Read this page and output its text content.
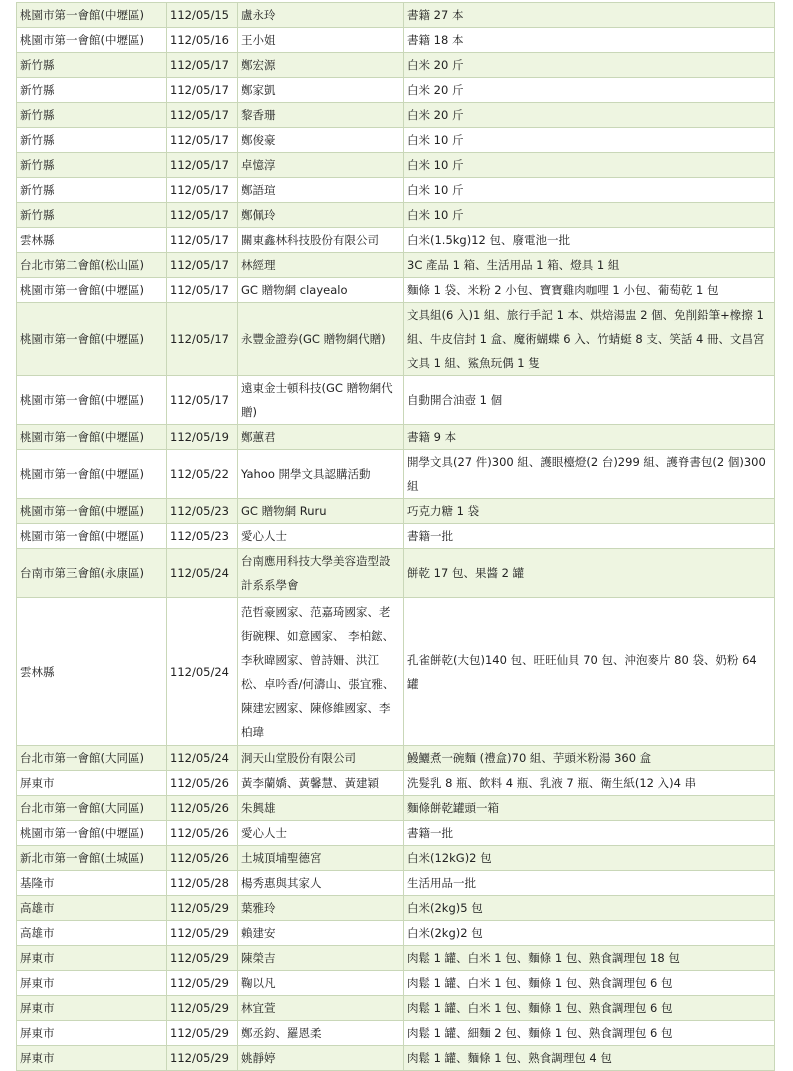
桃園市第一會館(中壢區)	112/05/15	盧永玲	書籍 27 本
桃園市第一會館(中壢區)	112/05/16	王小姐	書籍 18 本
新竹縣	112/05/17	鄭宏源	白米 20 斤
新竹縣	112/05/17	鄭家凱	白米 20 斤
新竹縣	112/05/17	黎香珊	白米 20 斤
新竹縣	112/05/17	鄭俊豪	白米 10 斤
新竹縣	112/05/17	卓憶淳	白米 10 斤
新竹縣	112/05/17	鄭語瑄	白米 10 斤
新竹縣	112/05/17	鄭佩玲	白米 10 斤
雲林縣	112/05/17	關東鑫林科技股份有限公司	白米(1.5kg)12 包、廢電池一批
台北市第二會館(松山區)	112/05/17	林經理	3C 產品 1 箱、生活用品 1 箱、燈具 1 組
桃園市第一會館(中壢區)	112/05/17	GC 贈物網 clayealo	麵條 1 袋、米粉 2 小包、寶寶雞肉咖哩 1 小包、葡萄乾 1 包
桃園市第一會館(中壢區)	112/05/17	永豐金證券(GC 贈物網代贈)	文具組(6 入)1 組、旅行手記 1 本、烘焙湯盅 2 個、免削鉛筆+橡擦 1 組、牛皮信封 1 盒、魔術蝴蝶 6 入、竹蜻蜓 8 支、笑話 4 冊、文昌宮文具 1 組、鯊魚玩偶 1 隻
桃園市第一會館(中壢區)	112/05/17	遠東金士頓科技(GC 贈物網代贈)	自動開合油壺 1 個
桃園市第一會館(中壢區)	112/05/19	鄭蕙君	書籍 9 本
桃園市第一會館(中壢區)	112/05/22	Yahoo 開學文具認購活動	開學文具(27 件)300 組、護眼檯燈(2 台)299 組、護脊書包(2 個)300 組
桃園市第一會館(中壢區)	112/05/23	GC 贈物網 Ruru	巧克力糖 1 袋
桃園市第一會館(中壢區)	112/05/23	愛心人士	書籍一批
台南市第三會館(永康區)	112/05/24	台南應用科技大學美容造型設計系系學會	餅乾 17 包、果醬 2 罐
雲林縣	112/05/24	范哲豪國家、范嘉琦國家、老街碗粿、如意國家、 李柏鋐、李秋暐國家、曾詩姍、洪江松、卓吟香/何濤山、張宜雅、陳建宏國家、陳修維國家、李柏瑋	孔雀餅乾(大包)140 包、旺旺仙貝 70 包、沖泡麥片 80 袋、奶粉 64 罐
台北市第一會館(大同區)	112/05/24	洞天山堂股份有限公司	鰻鱺煮一碗麵 (禮盒)70 組、芋頭米粉湯 360 盒
屏東市	112/05/26	黃李蘭嬌、黃馨慧、黃建穎	洗髮乳 8 瓶、飲料 4 瓶、乳液 7 瓶、衛生紙(12 入)4 串
台北市第一會館(大同區)	112/05/26	朱興雄	麵條餅乾罐頭一箱
桃園市第一會館(中壢區)	112/05/26	愛心人士	書籍一批
新北市第一會館(土城區)	112/05/26	土城頂埔聖德宮	白米(12kG)2 包
基隆市	112/05/28	楊秀惠與其家人	生活用品一批
高雄市	112/05/29	葉雅玲	白米(2kg)5 包
高雄市	112/05/29	賴建安	白米(2kg)2 包
屏東市	112/05/29	陳榮吉	肉鬆 1 罐、白米 1 包、麵條 1 包、熟食調理包 18 包
屏東市	112/05/29	鞠以凡	肉鬆 1 罐、白米 1 包、麵條 1 包、熟食調理包 6 包
屏東市	112/05/29	林宜萱	肉鬆 1 罐、白米 1 包、麵條 1 包、熟食調理包 6 包
屏東市	112/05/29	鄭丞鈞、羅恩柔	肉鬆 1 罐、細麵 2 包、麵條 1 包、熟食調理包 6 包
屏東市	112/05/29	姚靜婷	肉鬆 1 罐、麵條 1 包、熟食調理包 4 包
